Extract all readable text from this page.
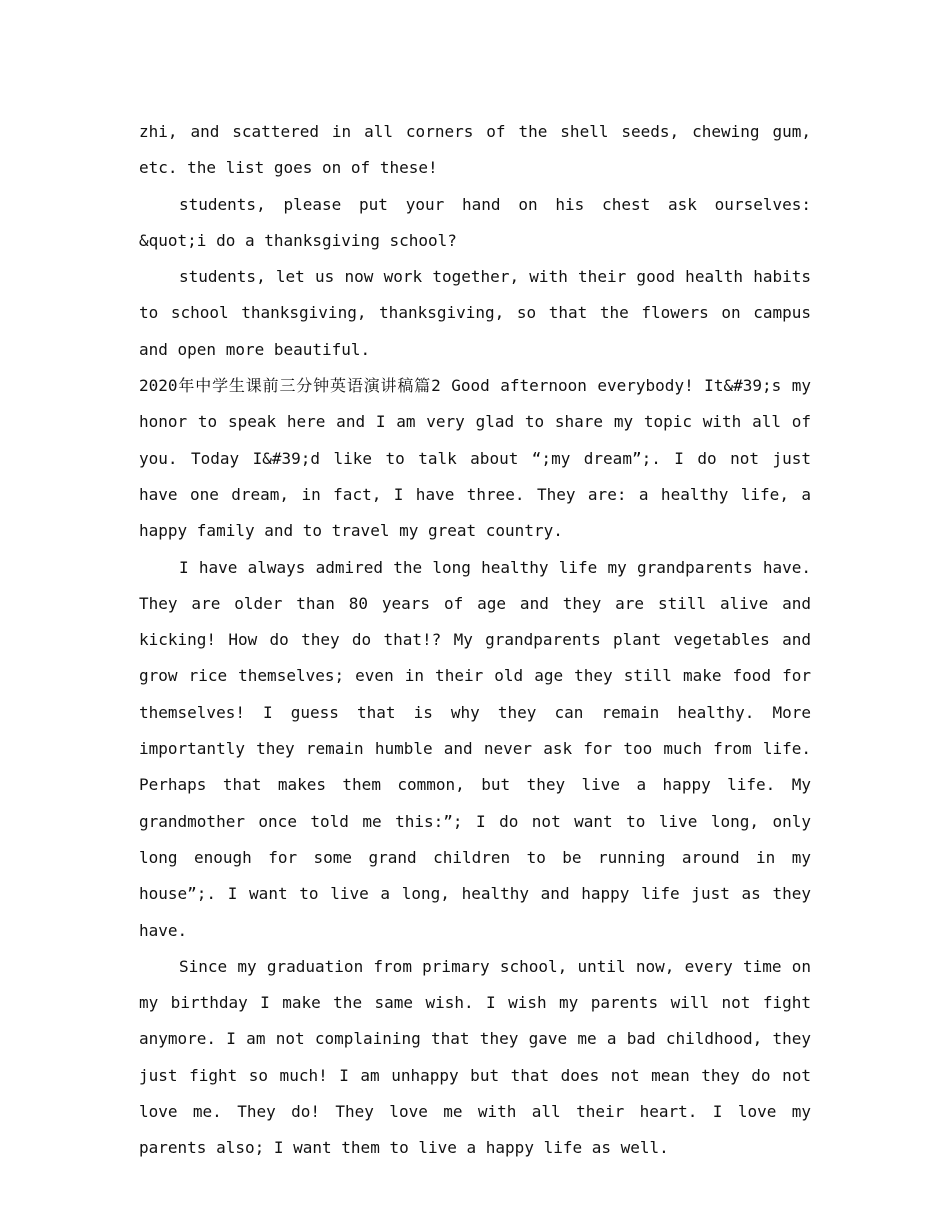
zhi, and scattered in all corners of the shell seeds, chewing gum, etc. the list goes on of these!

students, please put your hand on his chest ask ourselves: &quot;i do a thanksgiving school?

students, let us now work together, with their good health habits to school thanksgiving, thanksgiving, so that the flowers on campus and open more beautiful.

2020年中学生课前三分钟英语演讲稿篇2 Good afternoon everybody! It&#39;s my honor to speak here and I am very glad to share my topic with all of you. Today I&#39;d like to talk about “;my dream”;. I do not just have one dream, in fact, I have three. They are: a healthy life, a happy family and to travel my great country.

I have always admired the long healthy life my grandparents have. They are older than 80 years of age and they are still alive and kicking! How do they do that!? My grandparents plant vegetables and grow rice themselves; even in their old age they still make food for themselves! I guess that is why they can remain healthy. More importantly they remain humble and never ask for too much from life. Perhaps that makes them common, but they live a happy life. My grandmother once told me this:”; I do not want to live long, only long enough for some grand children to be running around in my house”;. I want to live a long, healthy and happy life just as they have.

Since my graduation from primary school, until now, every time on my birthday I make the same wish. I wish my parents will not fight anymore. I am not complaining that they gave me a bad childhood, they just fight so much! I am unhappy but that does not mean they do not love me. They do! They love me with all their heart. I love my parents also; I want them to live a happy life as well.
